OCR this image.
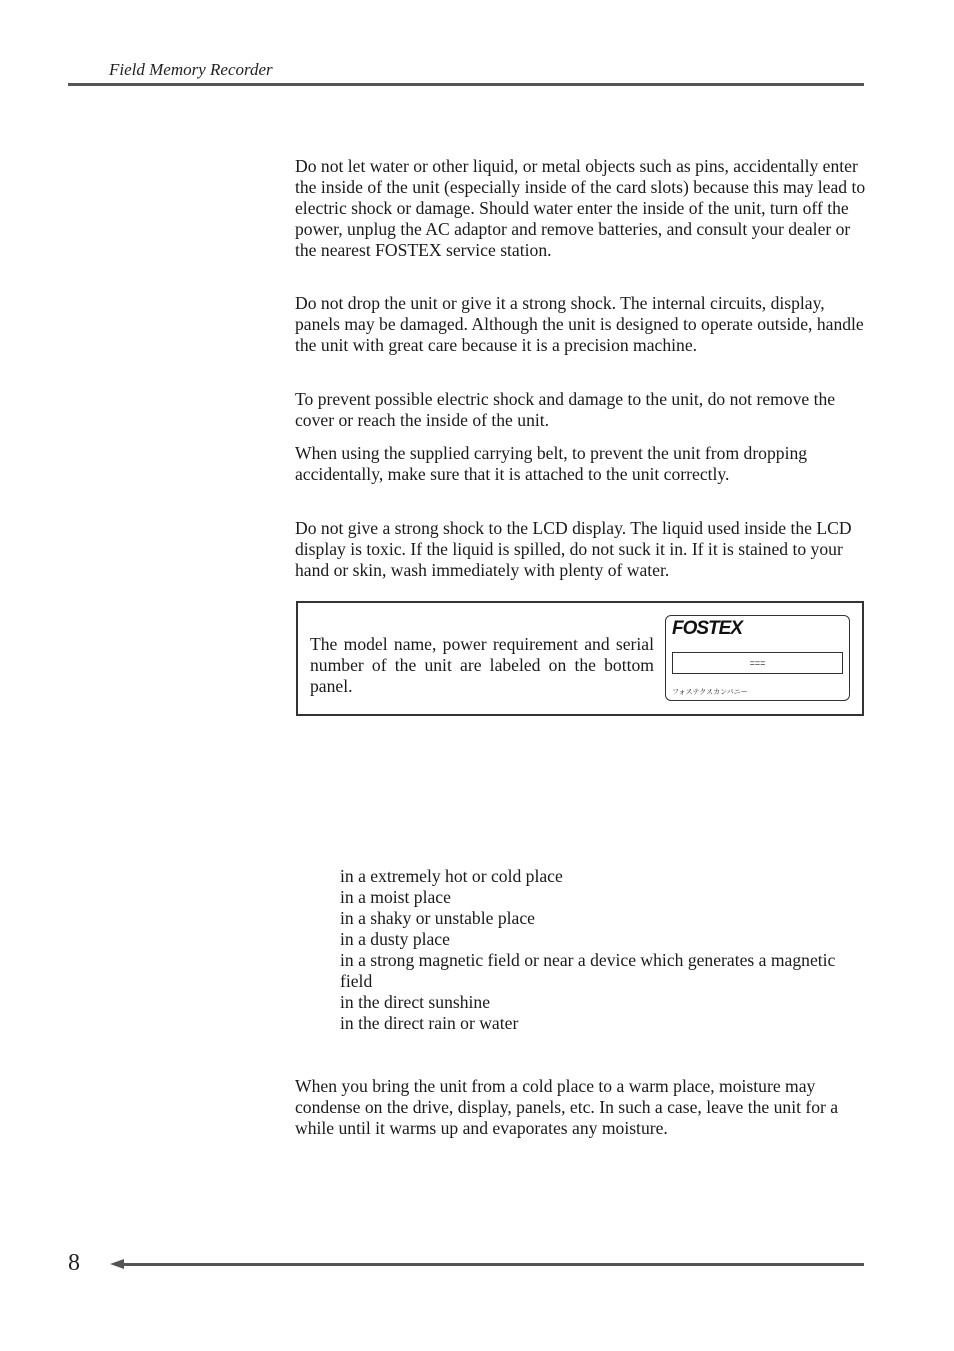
Field Memory Recorder

Do not let water or other liquid, or metal objects such as pins, accidentally enter the inside of the unit (especially inside of the card slots) because this may lead to electric shock or damage. Should water enter the inside of the unit, turn off the power, unplug the AC adaptor and remove batteries, and consult your dealer or the nearest FOSTEX service station.

Do not drop the unit or give it a strong shock. The internal circuits, display, panels may be damaged. Although the unit is designed to operate outside, handle the unit with great care because it is a precision machine.

To prevent possible electric shock and damage to the unit, do not remove the cover or reach the inside of the unit.

When using the supplied carrying belt, to prevent the unit from dropping accidentally, make sure that it is attached to the unit correctly.

Do not give a strong shock to the LCD display. The liquid used inside the LCD display is toxic. If the liquid is spilled, do not suck it in. If it is stained to your hand or skin, wash immediately with plenty of water.

The model name, power requirement and serial number of the unit are labeled on the bottom panel.

FOSTEX
===
フォステクスカンパニー
in a extremely hot or cold place
in a moist place
in a shaky or unstable place
in a dusty place
in a strong magnetic field or near a device which generates a magnetic field
in the direct sunshine
in the direct rain or water

When you bring the unit from a cold place to a warm place, moisture may condense on the drive, display, panels, etc. In such a case, leave the unit for a while until it warms up and evaporates any moisture.

8
